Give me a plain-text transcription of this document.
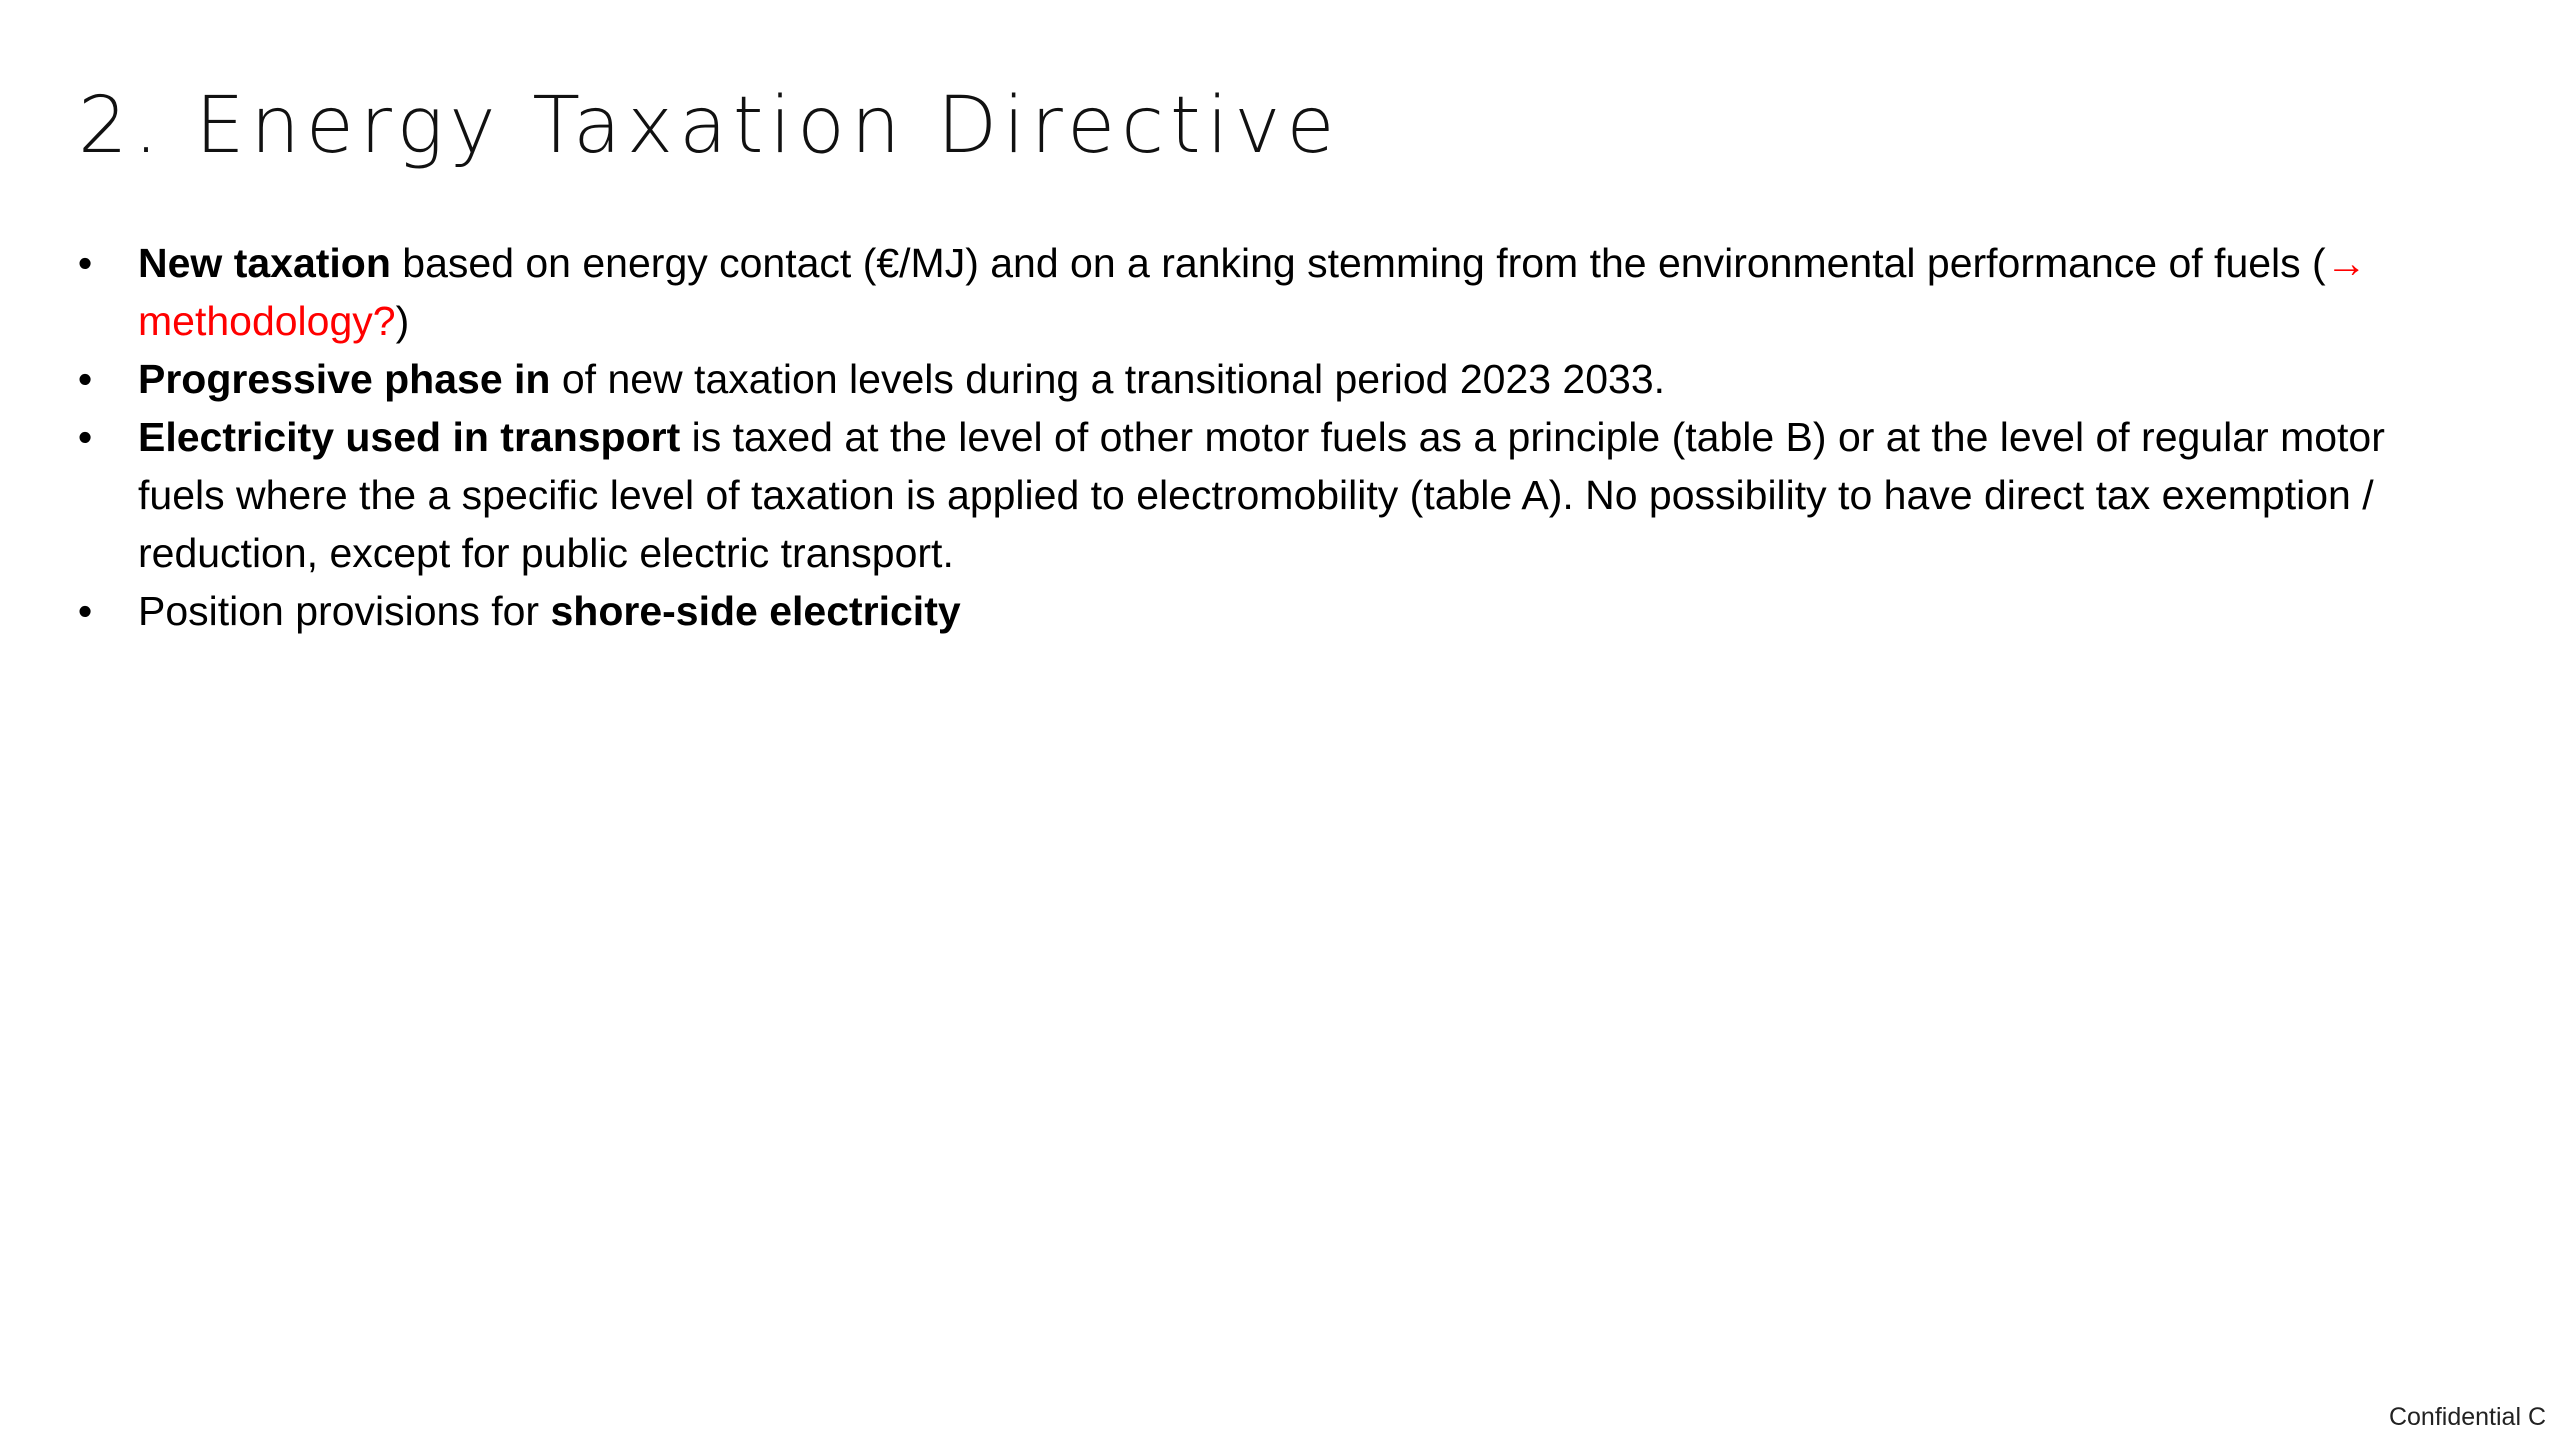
2. Energy Taxation Directive
• New taxation based on energy contact (€/MJ) and on a ranking stemming from the environmental performance of fuels (→ methodology?)
• Progressive phase in of new taxation levels during a transitional period 2023 2033.
• Electricity used in transport is taxed at the level of other motor fuels as a principle (table B) or at the level of regular motor fuels where the a specific level of taxation is applied to electromobility (table A). No possibility to have direct tax exemption / reduction, except for public electric transport.
• Position provisions for shore-side electricity
Confidential C
